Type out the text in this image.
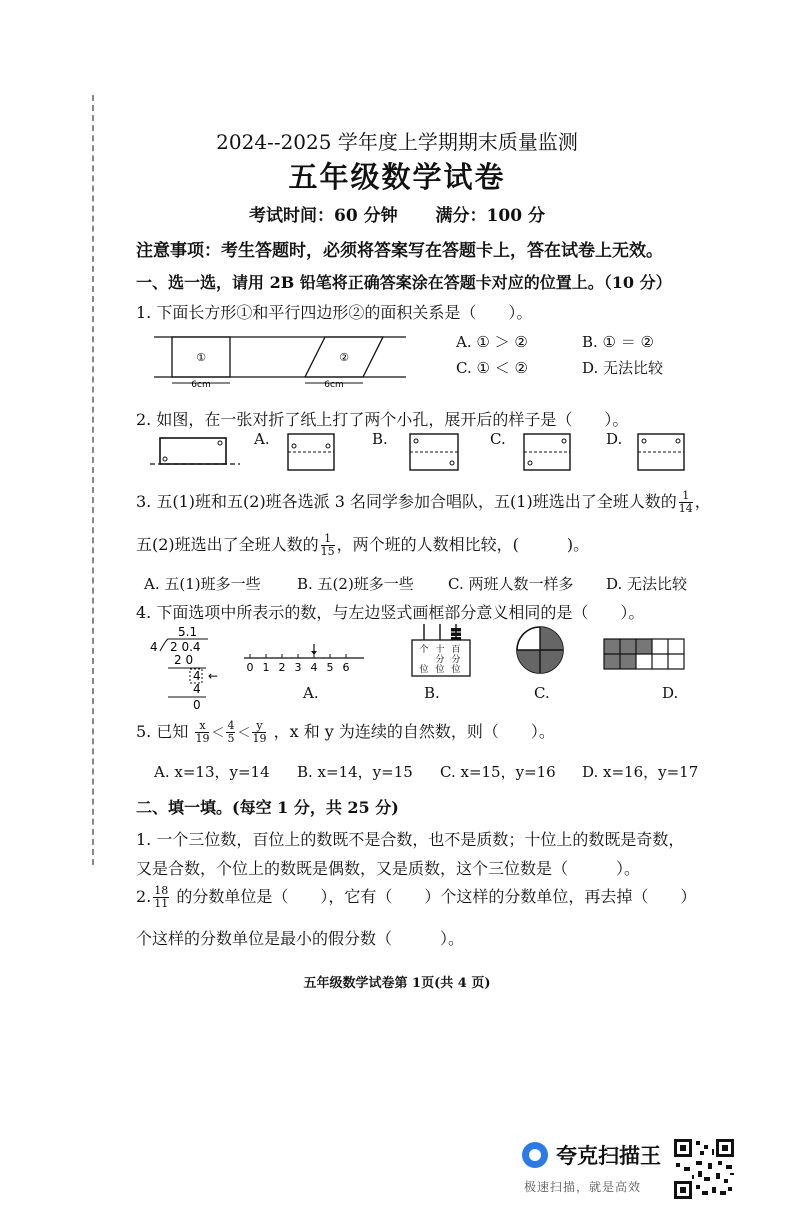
2024--2025 学年度上学期期末质量监测
五年级数学试卷
考试时间：60 分钟 满分：100 分
注意事项：考生答题时，必须将答案写在答题卡上，答在试卷上无效。
一、选一选，请用 2B 铅笔将正确答案涂在答题卡对应的位置上。（10 分）
1. 下面长方形①和平行四边形②的面积关系是（　　）。
①	②
6cm	6cm
A. ① ＞ ②	B. ① ＝ ②
C. ① ＜ ②	D. 无法比较
2. 如图，在一张对折了纸上打了两个小孔，展开后的样子是（　　）。
A.	B.	C.	D.
3. 五(1)班和五(2)班各选派 3 名同学参加合唱队，五(1)班选出了全班人数的 $\frac{1}{14}$ ，
五(2)班选出了全班人数的 $\frac{1}{15}$ ，两个班的人数相比较，(　　　)。
A. 五(1)班多一些 B. 五(2)班多一些 C. 两班人数一样多 D. 无法比较
4. 下面选项中所表示的数，与左边竖式画框部分意义相同的是（　　）。
5.1
4 2 0.4
2 0
4 ←
4
0
0 1 2 3 4 5 6
A.
个 十 百
位
分 分
位 位
B.	C.	D.
5. 已知 $\frac{x}{19} < \frac{4}{5} < \frac{y}{19}$ ，x 和 y 为连续的自然数，则（　　）。
A. x=13，y=14 B. x=14，y=15 C. x=15，y=16 D. x=16，y=17
二、填一填。(每空 1 分，共 25 分)
1. 一个三位数，百位上的数既不是合数，也不是质数；十位上的数既是奇数，
又是合数，个位上的数既是偶数，又是质数，这个三位数是（　　　）。
2. $\frac{18}{11}$ 的分数单位是（　　），它有（　　）个这样的分数单位，再去掉（　　）
个这样的分数单位是最小的假分数（　　　）。
五年级数学试卷第 1页(共 4 页)
夸克扫描王
极速扫描，就是高效
